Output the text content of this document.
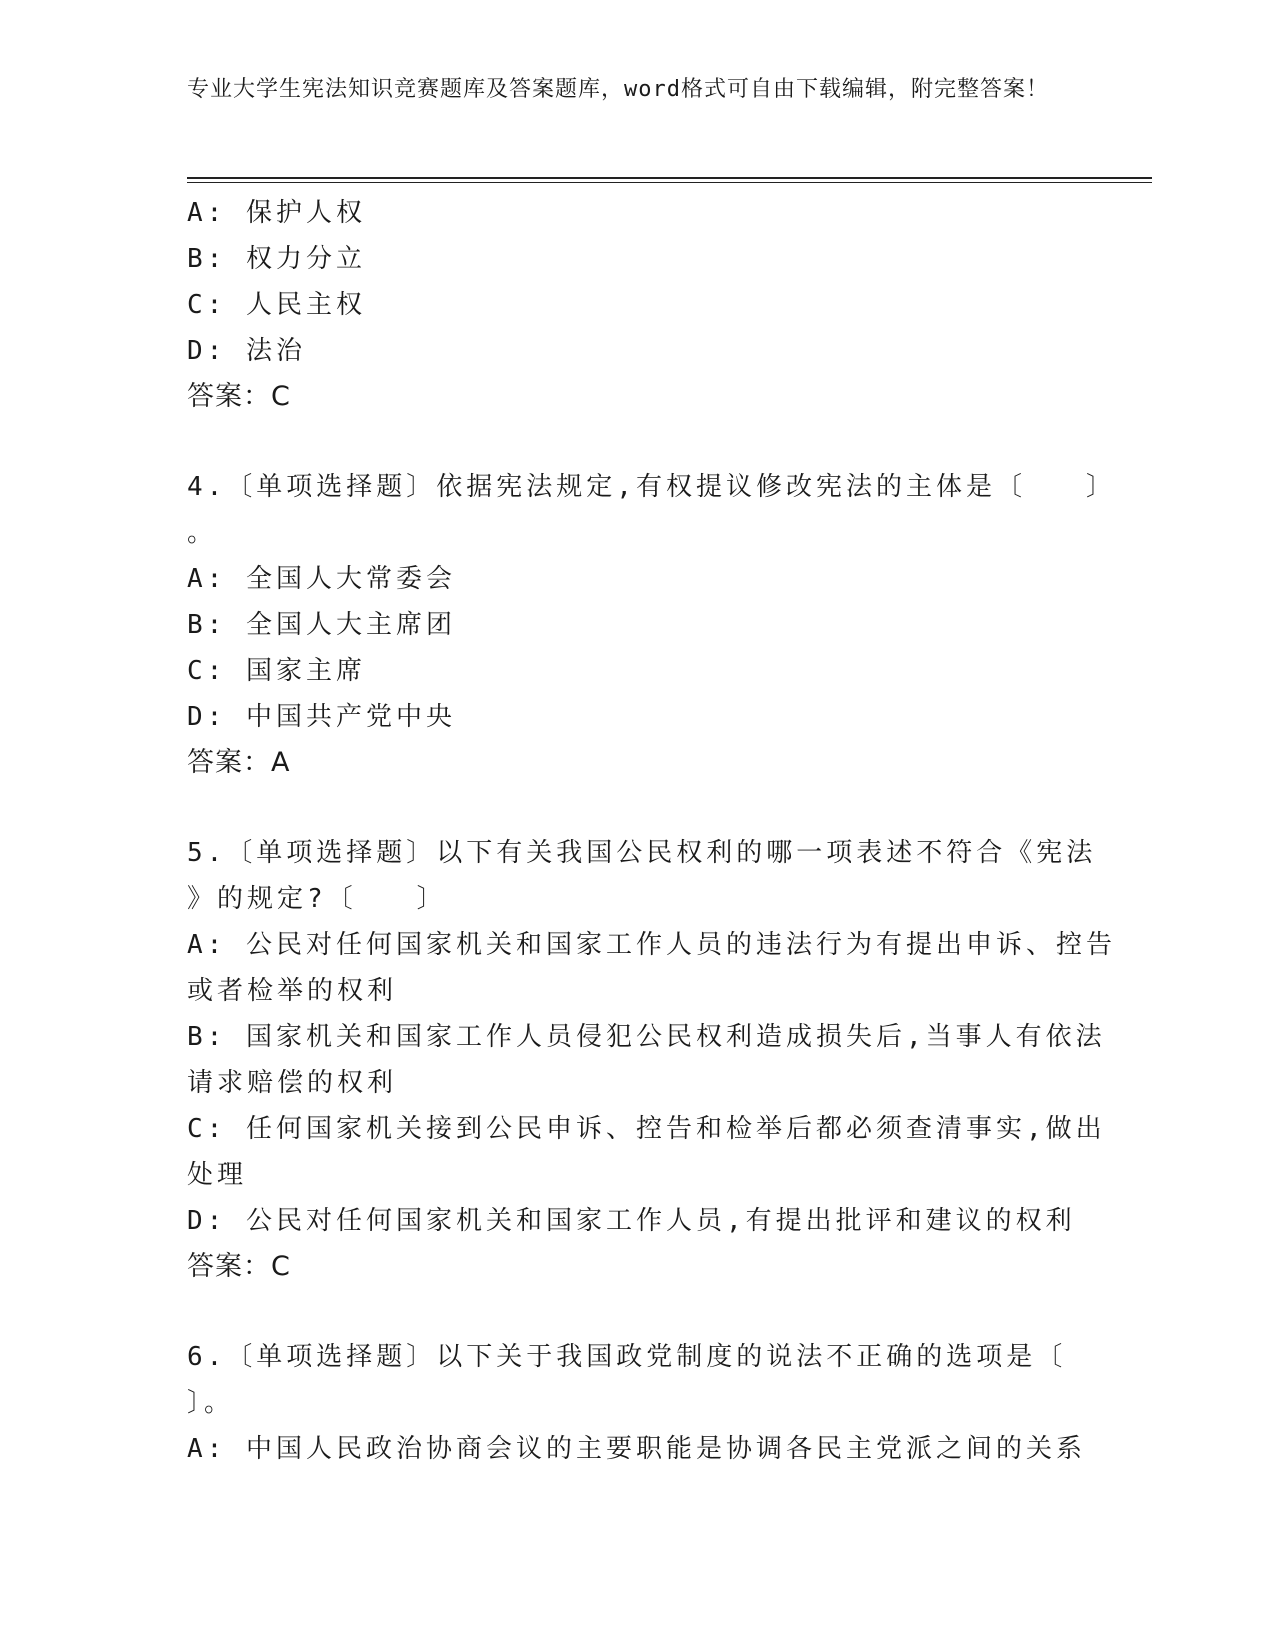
专业大学生宪法知识竞赛题库及答案题库，word格式可自由下载编辑，附完整答案！
A: 保护人权
B: 权力分立
C: 人民主权
D: 法治
答案：C
4.〔单项选择题〕依据宪法规定,有权提议修改宪法的主体是〔　　〕
。
A: 全国人大常委会
B: 全国人大主席团
C: 国家主席
D: 中国共产党中央
答案：A
5.〔单项选择题〕以下有关我国公民权利的哪一项表述不符合《宪法
》的规定?〔　　〕
A: 公民对任何国家机关和国家工作人员的违法行为有提出申诉、控告
或者检举的权利
B: 国家机关和国家工作人员侵犯公民权利造成损失后,当事人有依法
请求赔偿的权利
C: 任何国家机关接到公民申诉、控告和检举后都必须查清事实,做出
处理
D: 公民对任何国家机关和国家工作人员,有提出批评和建议的权利
答案：C
6.〔单项选择题〕以下关于我国政党制度的说法不正确的选项是〔
〕。
A: 中国人民政治协商会议的主要职能是协调各民主党派之间的关系
